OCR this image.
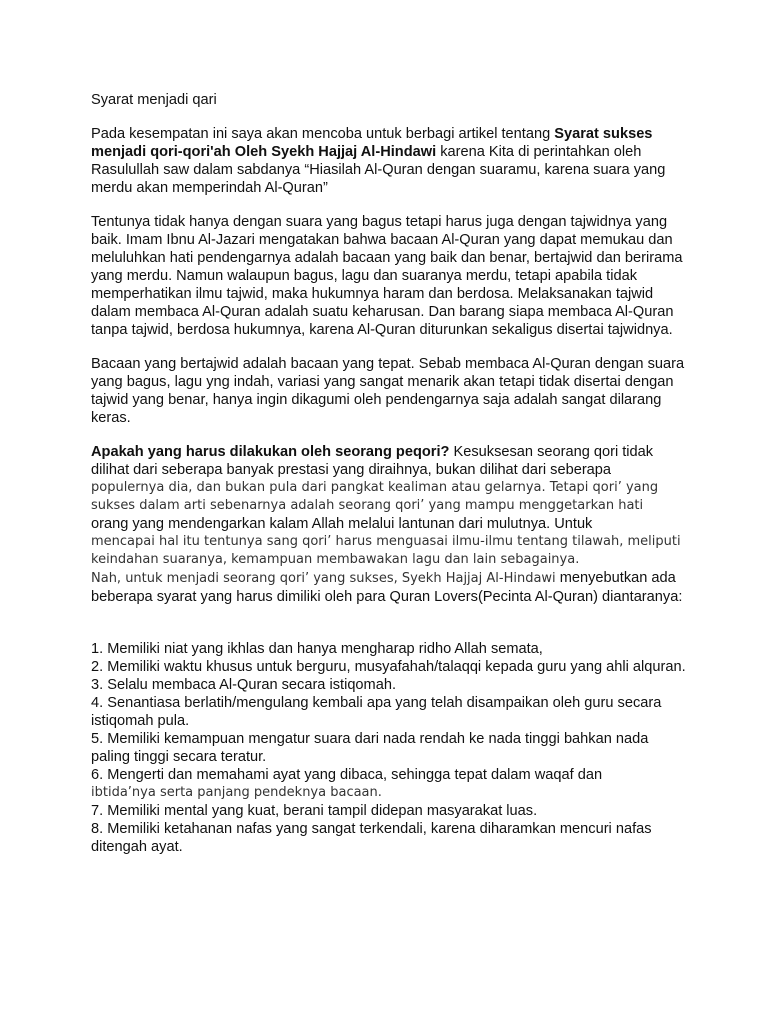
Syarat menjadi qari

Pada kesempatan ini saya akan mencoba untuk berbagi artikel tentang Syarat sukses menjadi qori-qori'ah Oleh Syekh Hajjaj Al-Hindawi karena Kita di perintahkan oleh
Rasulullah saw dalam sabdanya “Hiasilah Al-Quran dengan suaramu, karena suara yang merdu akan memperindah Al-Quran”

Tentunya tidak hanya dengan suara yang bagus tetapi harus juga dengan tajwidnya yang baik. Imam Ibnu Al-Jazari mengatakan bahwa bacaan Al-Quran yang dapat memukau dan meluluhkan hati pendengarnya adalah bacaan yang baik dan benar, bertajwid dan berirama yang merdu. Namun walaupun bagus, lagu dan suaranya merdu, tetapi apabila tidak memperhatikan ilmu tajwid, maka hukumnya haram dan berdosa. Melaksanakan tajwid dalam membaca Al-Quran adalah suatu keharusan. Dan barang siapa membaca Al-Quran tanpa tajwid, berdosa hukumnya, karena Al-Quran diturunkan sekaligus disertai tajwidnya.

Bacaan yang bertajwid adalah bacaan yang tepat. Sebab membaca Al-Quran dengan suara yang bagus, lagu yng indah, variasi yang sangat menarik akan tetapi tidak disertai dengan tajwid yang benar, hanya ingin dikagumi oleh pendengarnya saja adalah sangat dilarang keras.

Apakah yang harus dilakukan oleh seorang peqori? Kesuksesan seorang qori tidak dilihat dari seberapa banyak prestasi yang diraihnya, bukan dilihat dari seberapa
populernya dia, dan bukan pula dari pangkat kealiman atau gelarnya. Tetapi qori’ yang sukses dalam arti sebenarnya adalah seorang qori’ yang mampu menggetarkan hati
orang yang mendengarkan kalam Allah melalui lantunan dari mulutnya. Untuk
mencapai hal itu tentunya sang qori’ harus menguasai ilmu-ilmu tentang tilawah, meliputi keindahan suaranya, kemampuan membawakan lagu dan lain sebagainya.
Nah, untuk menjadi seorang qori’ yang sukses, Syekh Hajjaj Al-Hindawi menyebutkan ada beberapa syarat yang harus dimiliki oleh para Quran Lovers(Pecinta Al-Quran) diantaranya:

1. Memiliki niat yang ikhlas dan hanya mengharap ridho Allah semata,
2. Memiliki waktu khusus untuk berguru, musyafahah/talaqqi kepada guru yang ahli alquran.
3. Selalu membaca Al-Quran secara istiqomah.
4. Senantiasa berlatih/mengulang kembali apa yang telah disampaikan oleh guru secara istiqomah pula.
5. Memiliki kemampuan mengatur suara dari nada rendah ke nada tinggi bahkan nada paling tinggi secara teratur.
6. Mengerti dan memahami ayat yang dibaca, sehingga tepat dalam waqaf dan
ibtida’nya serta panjang pendeknya bacaan.
7. Memiliki mental yang kuat, berani tampil didepan masyarakat luas.
8. Memiliki ketahanan nafas yang sangat terkendali, karena diharamkan mencuri nafas ditengah ayat.
